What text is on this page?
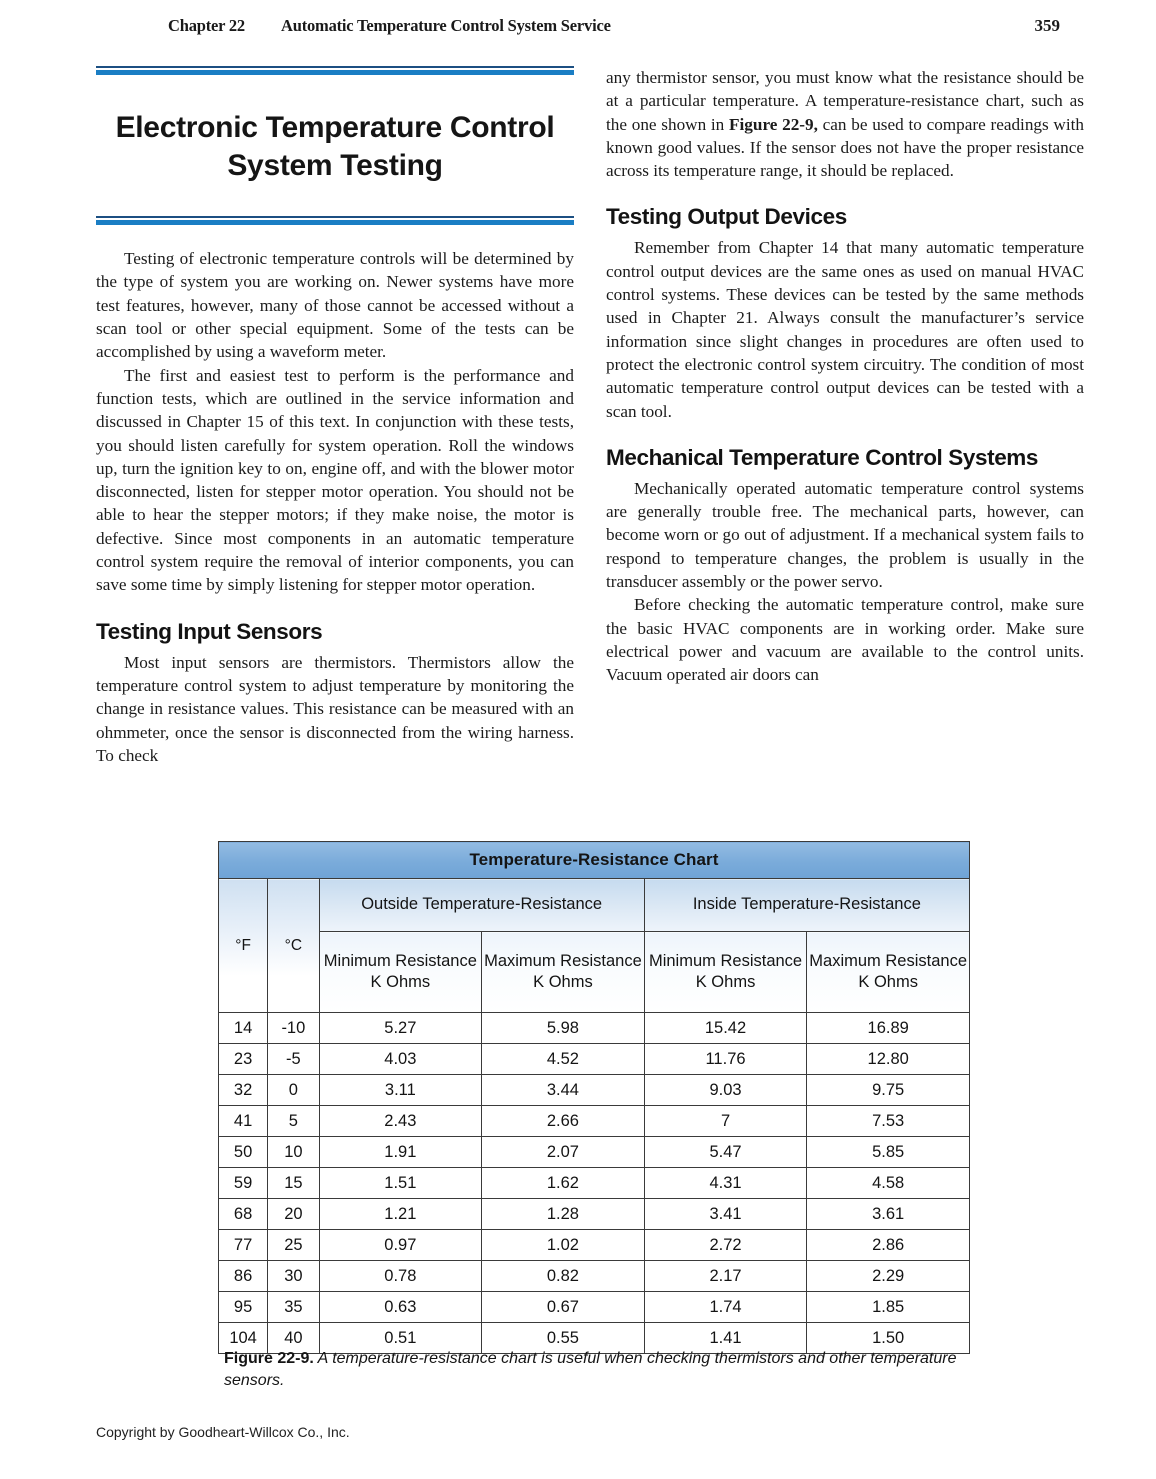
Chapter 22 Automatic Temperature Control System Service	359
Electronic Temperature Control System Testing

Testing of electronic temperature controls will be determined by the type of system you are working on. Newer systems have more test features, however, many of those cannot be accessed without a scan tool or other special equipment. Some of the tests can be accomplished by using a waveform meter.

The first and easiest test to perform is the performance and function tests, which are outlined in the service information and discussed in Chapter 15 of this text. In conjunction with these tests, you should listen carefully for system operation. Roll the windows up, turn the ignition key to on, engine off, and with the blower motor disconnected, listen for stepper motor operation. You should not be able to hear the stepper motors; if they make noise, the motor is defective. Since most components in an automatic temperature control system require the removal of interior components, you can save some time by simply listening for stepper motor operation.

Testing Input Sensors

Most input sensors are thermistors. Thermistors allow the temperature control system to adjust temperature by monitoring the change in resistance values. This resistance can be measured with an ohmmeter, once the sensor is disconnected from the wiring harness. To check

any thermistor sensor, you must know what the resistance should be at a particular temperature. A temperature-resistance chart, such as the one shown in Figure 22-9, can be used to compare readings with known good values. If the sensor does not have the proper resistance across its temperature range, it should be replaced.

Testing Output Devices

Remember from Chapter 14 that many automatic temperature control output devices are the same ones as used on manual HVAC control systems. These devices can be tested by the same methods used in Chapter 21. Always consult the manufacturer’s service information since slight changes in procedures are often used to protect the electronic control system circuitry. The condition of most automatic temperature control output devices can be tested with a scan tool.

Mechanical Temperature Control Systems

Mechanically operated automatic temperature control systems are generally trouble free. The mechanical parts, however, can become worn or go out of adjustment. If a mechanical system fails to respond to temperature changes, the problem is usually in the transducer assembly or the power servo.

Before checking the automatic temperature control, make sure the basic HVAC components are in working order. Make sure electrical power and vacuum are available to the control units. Vacuum operated air doors can

Temperature-Resistance Chart					
°F	°C	Outside Temperature-Resistance		Inside Temperature-Resistance	
		Minimum Resistance K Ohms	Maximum Resistance K Ohms	Minimum Resistance K Ohms	Maximum Resistance K Ohms
14	-10	5.27	5.98	15.42	16.89
23	-5	4.03	4.52	11.76	12.80
32	0	3.11	3.44	9.03	9.75
41	5	2.43	2.66	7	7.53
50	10	1.91	2.07	5.47	5.85
59	15	1.51	1.62	4.31	4.58
68	20	1.21	1.28	3.41	3.61
77	25	0.97	1.02	2.72	2.86
86	30	0.78	0.82	2.17	2.29
95	35	0.63	0.67	1.74	1.85
104	40	0.51	0.55	1.41	1.50
Figure 22-9. A temperature-resistance chart is useful when checking thermistors and other temperature sensors.
Copyright by Goodheart-Willcox Co., Inc.
